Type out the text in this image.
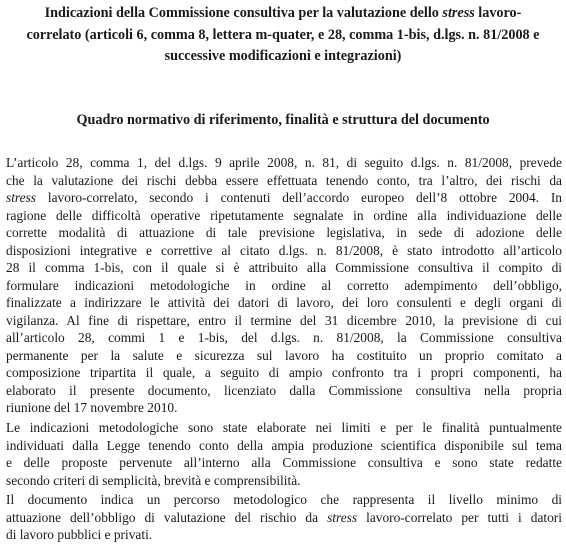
Indicazioni della Commissione consultiva per la valutazione dello stress lavoro-
correlato (articoli 6, comma 8, lettera m-quater, e 28, comma 1-bis, d.lgs. n. 81/2008 e
successive modificazioni e integrazioni)
Quadro normativo di riferimento, finalità e struttura del documento
L’articolo 28, comma 1, del d.lgs. 9 aprile 2008, n. 81, di seguito d.lgs. n. 81/2008, prevede
che la valutazione dei rischi debba essere effettuata tenendo conto, tra l’altro, dei rischi da
stress lavoro-correlato, secondo i contenuti dell’accordo europeo dell’8 ottobre 2004. In
ragione delle difficoltà operative ripetutamente segnalate in ordine alla individuazione delle
corrette modalità di attuazione di tale previsione legislativa, in sede di adozione delle
disposizioni integrative e correttive al citato d.lgs. n. 81/2008, è stato introdotto all’articolo
28 il comma 1-bis, con il quale si è attribuito alla Commissione consultiva il compito di
formulare indicazioni metodologiche in ordine al corretto adempimento dell’obbligo,
finalizzate a indirizzare le attività dei datori di lavoro, dei loro consulenti e degli organi di
vigilanza. Al fine di rispettare, entro il termine del 31 dicembre 2010, la previsione di cui
all’articolo 28, commi 1 e 1-bis, del d.lgs. n. 81/2008, la Commissione consultiva
permanente per la salute e sicurezza sul lavoro ha costituito un proprio comitato a
composizione tripartita il quale, a seguito di ampio confronto tra i propri componenti, ha
elaborato il presente documento, licenziato dalla Commissione consultiva nella propria
riunione del 17 novembre 2010.
Le indicazioni metodologiche sono state elaborate nei limiti e per le finalità puntualmente
individuati dalla Legge tenendo conto della ampia produzione scientifica disponibile sul tema
e delle proposte pervenute all’interno alla Commissione consultiva e sono state redatte
secondo criteri di semplicità, brevità e comprensibilità.
Il documento indica un percorso metodologico che rappresenta il livello minimo di
attuazione dell’obbligo di valutazione del rischio da stress lavoro-correlato per tutti i datori
di lavoro pubblici e privati.
